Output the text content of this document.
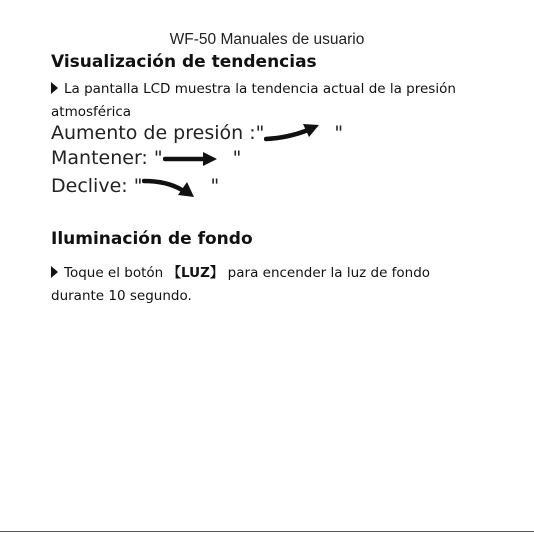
WF-50 Manuales de usuario
Visualización de tendencias
La pantalla LCD muestra la tendencia actual de la presión
atmosférica
Aumento de presión :"	"
Mantener: "	"
Declive: "	"
Iluminación de fondo
Toque el botón 【LUZ】 para encender la luz de fondo
durante 10 segundo.
